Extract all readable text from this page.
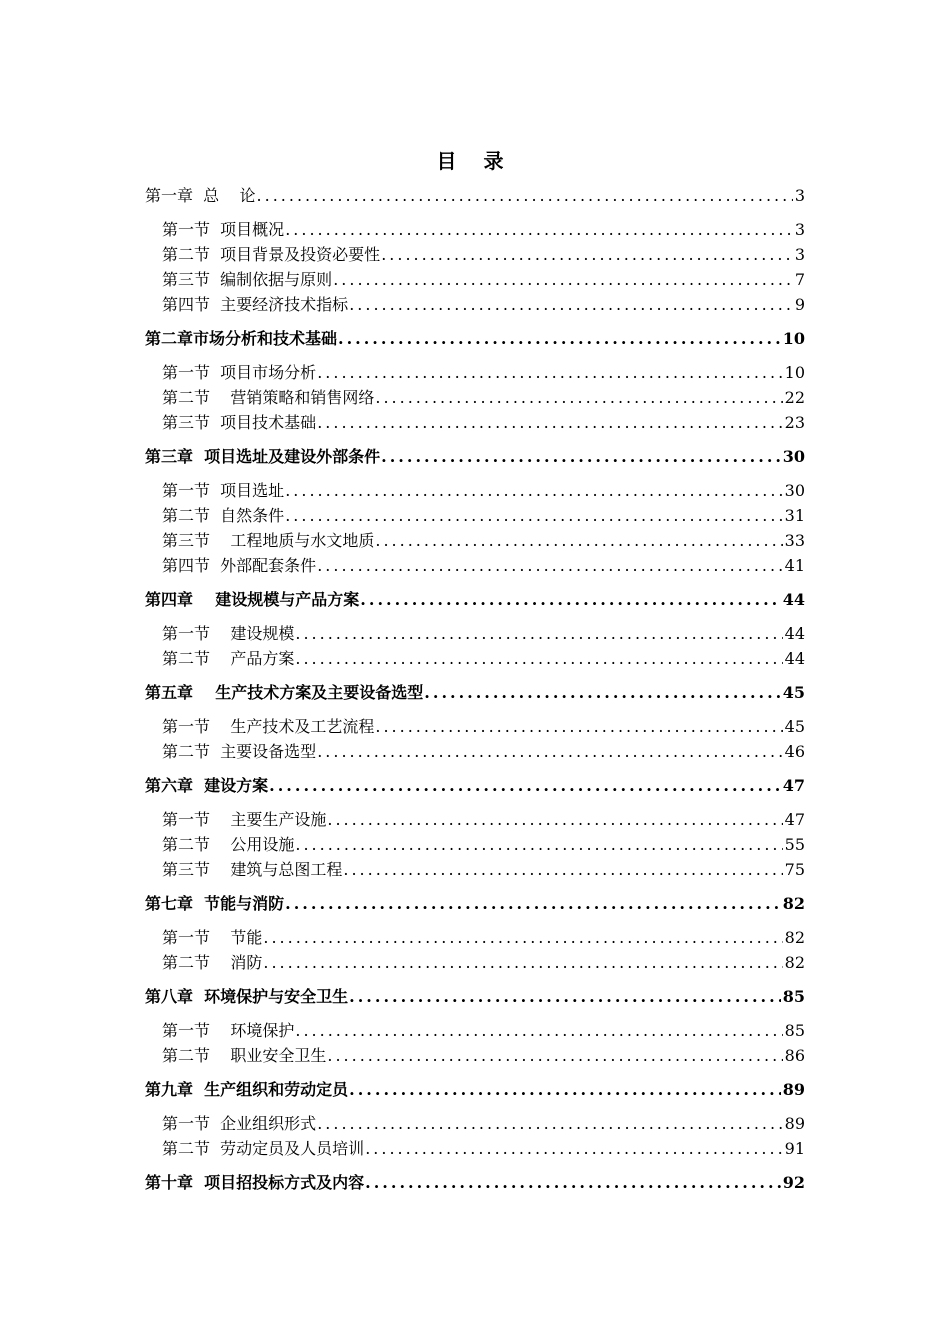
目 录
第一章  总    论 .....	3
第一节  项目概况 .....	3
第二节  项目背景及投资必要性 .....	3
第三节  编制依据与原则 .....	7
第四节  主要经济技术指标 .....	9
第二章市场分析和技术基础 .....	10
第一节  项目市场分析 .....	10
第二节    营销策略和销售网络 .....	22
第三节  项目技术基础 .....	23
第三章  项目选址及建设外部条件 .....	30
第一节  项目选址 .....	30
第二节  自然条件 .....	31
第三节    工程地质与水文地质 .....	33
第四节  外部配套条件 .....	41
第四章    建设规模与产品方案 .....	44
第一节    建设规模 .....	44
第二节    产品方案 .....	44
第五章    生产技术方案及主要设备选型 .....	45
第一节    生产技术及工艺流程 .....	45
第二节  主要设备选型 .....	46
第六章  建设方案 .....	47
第一节    主要生产设施 .....	47
第二节    公用设施 .....	55
第三节    建筑与总图工程 .....	75
第七章  节能与消防 .....	82
第一节    节能 .....	82
第二节    消防 .....	82
第八章  环境保护与安全卫生 .....	85
第一节    环境保护 .....	85
第二节    职业安全卫生 .....	86
第九章  生产组织和劳动定员 .....	89
第一节  企业组织形式 .....	89
第二节  劳动定员及人员培训 .....	91
第十章  项目招投标方式及内容 .....	92
